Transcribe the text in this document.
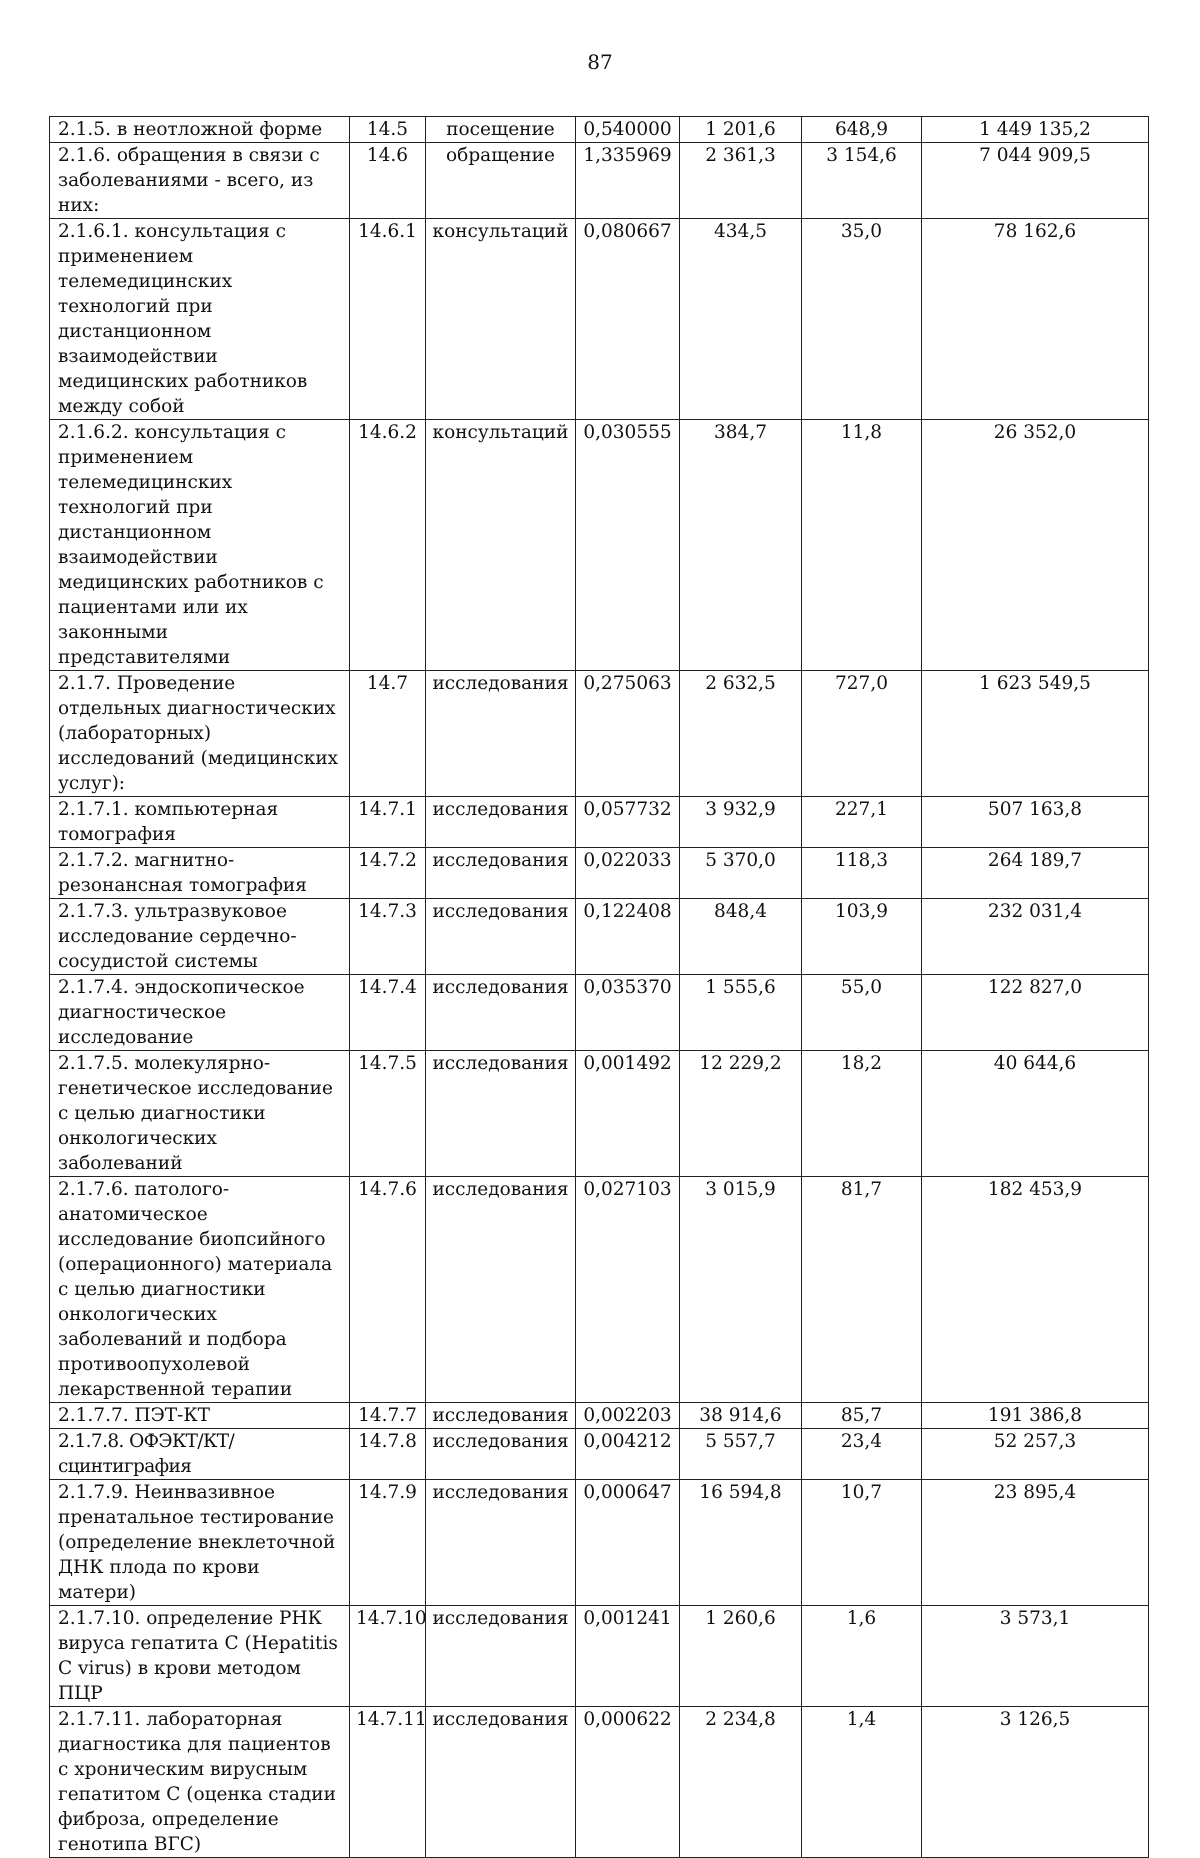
87
2.1.5. в неотложной форме	14.5	посещение	0,540000	1 201,6	648,9	1 449 135,2
2.1.6. обращения в связи с заболеваниями - всего, из них:	14.6	обращение	1,335969	2 361,3	3 154,6	7 044 909,5
2.1.6.1. консультация с применением телемедицинских технологий при дистанционном взаимодействии медицинских работников между собой	14.6.1	консультаций	0,080667	434,5	35,0	78 162,6
2.1.6.2. консультация с применением телемедицинских технологий при дистанционном взаимодействии медицинских работников с пациентами или их законными представителями	14.6.2	консультаций	0,030555	384,7	11,8	26 352,0
2.1.7. Проведение отдельных диагностических (лабораторных) исследований (медицинских услуг):	14.7	исследования	0,275063	2 632,5	727,0	1 623 549,5
2.1.7.1. компьютерная томография	14.7.1	исследования	0,057732	3 932,9	227,1	507 163,8
2.1.7.2. магнитно-резонансная томография	14.7.2	исследования	0,022033	5 370,0	118,3	264 189,7
2.1.7.3. ультразвуковое исследование сердечно-сосудистой системы	14.7.3	исследования	0,122408	848,4	103,9	232 031,4
2.1.7.4. эндоскопическое диагностическое исследование	14.7.4	исследования	0,035370	1 555,6	55,0	122 827,0
2.1.7.5. молекулярно-генетическое исследование с целью диагностики онкологических заболеваний	14.7.5	исследования	0,001492	12 229,2	18,2	40 644,6
2.1.7.6. патолого-анатомическое исследование биопсийного (операционного) материала с целью диагностики онкологических заболеваний и подбора противоопухолевой лекарственной терапии	14.7.6	исследования	0,027103	3 015,9	81,7	182 453,9
2.1.7.7. ПЭТ-КТ	14.7.7	исследования	0,002203	38 914,6	85,7	191 386,8
2.1.7.8. ОФЭКТ/КТ/сцинтиграфия	14.7.8	исследования	0,004212	5 557,7	23,4	52 257,3
2.1.7.9. Неинвазивное пренатальное тестирование (определение внеклеточной ДНК плода по крови матери)	14.7.9	исследования	0,000647	16 594,8	10,7	23 895,4
2.1.7.10. определение РНК вируса гепатита С (Hepatitis C virus) в крови методом ПЦР	14.7.10	исследования	0,001241	1 260,6	1,6	3 573,1
2.1.7.11. лабораторная диагностика для пациентов с хроническим вирусным гепатитом С (оценка стадии фиброза, определение генотипа ВГС)	14.7.11	исследования	0,000622	2 234,8	1,4	3 126,5
